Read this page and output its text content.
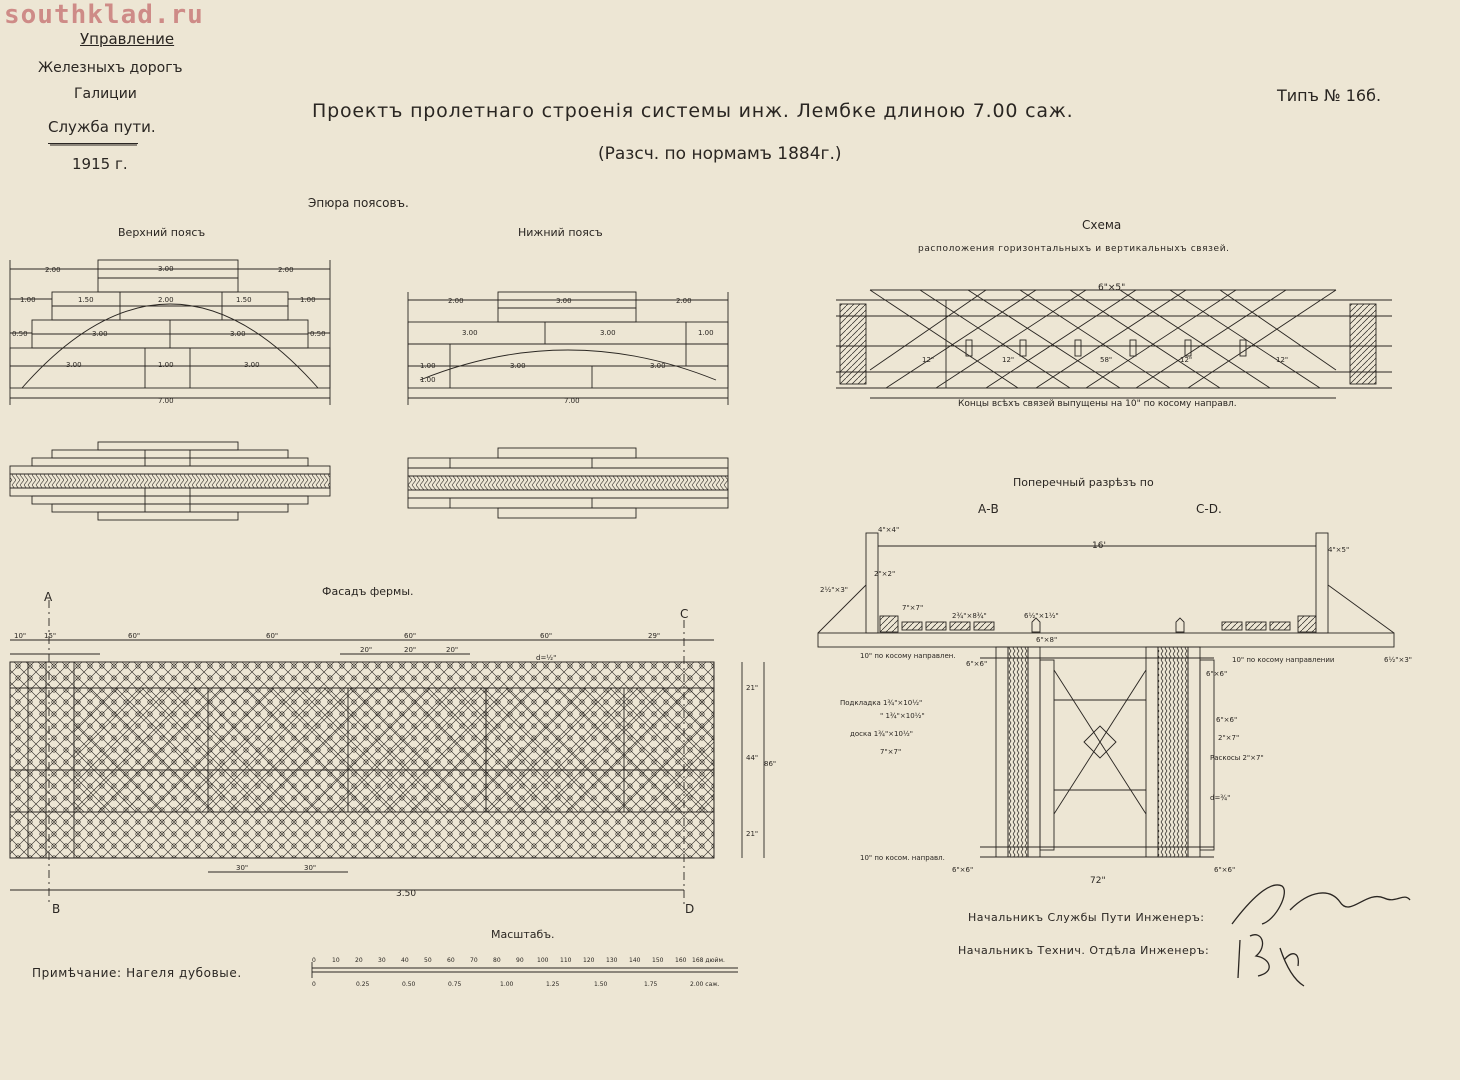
southklad.ru
Управление
Железныхъ дорогъ
Галиции
Служба пути.
1915 г.
Проектъ пролетнаго строенія системы инж. Лембке длиною 7.00 саж.
(Разсч. по нормамъ 1884г.)
Типъ № 16б.
Эпюра поясовъ.
Верхний поясъ	Нижний поясъ
Схема
расположения горизонтальныхъ и вертикальныхъ связей.
Концы всѣхъ связей выпущены на 10" по косому направл.
Поперечный разрѣзъ по
А-В	С-D.
Фасадъ фермы.
A
B
C
D
Масштабъ.
Примѣчание: Нагеля дубовые.
Начальникъ Службы Пути Инженеръ:
Начальникъ Технич. Отдѣла Инженеръ:
2.00	3.00	2.00
1.00	1.50	2.00	1.50	1.00
0.50	3.00	3.00	0.50
3.00	1.00	3.00
7.00
2.00	3.00	2.00
3.00	3.00	1.00
1.00	3.00	3.00
1.00
7.00
6"×5"
12"	12"	58"	12"	12"
4"×4"
4"×5"
2"×2"
2½"×3"
7"×7"
2¾"×8¾"	6½"×1½"
6"×8"
6"×6"
6"×6"
2"×7"
Раскосы 2"×7"
d=¾"
6"×6"
6"×6"
6½"×3"
16'
72"
Подкладка 1¾"×10½"
" 1¾"×10½"
доска 1¾"×10½"
7"×7"
10" по косому направлен.	10" по косому направлении
10" по косом. направл.
6"×6"
10"	15"	60"	60"	60"	60"	29"
20"	20"	20"
d=½"
30"	30"
3.50
21"
44"
86"
21"
0	10	20	30	40	50	60	70	80	90 100 110 120 130 140 150 160 168 дюйм.
0	0.25	0.50	0.75	1.00	1.25	1.50	1.75	2.00 саж.
